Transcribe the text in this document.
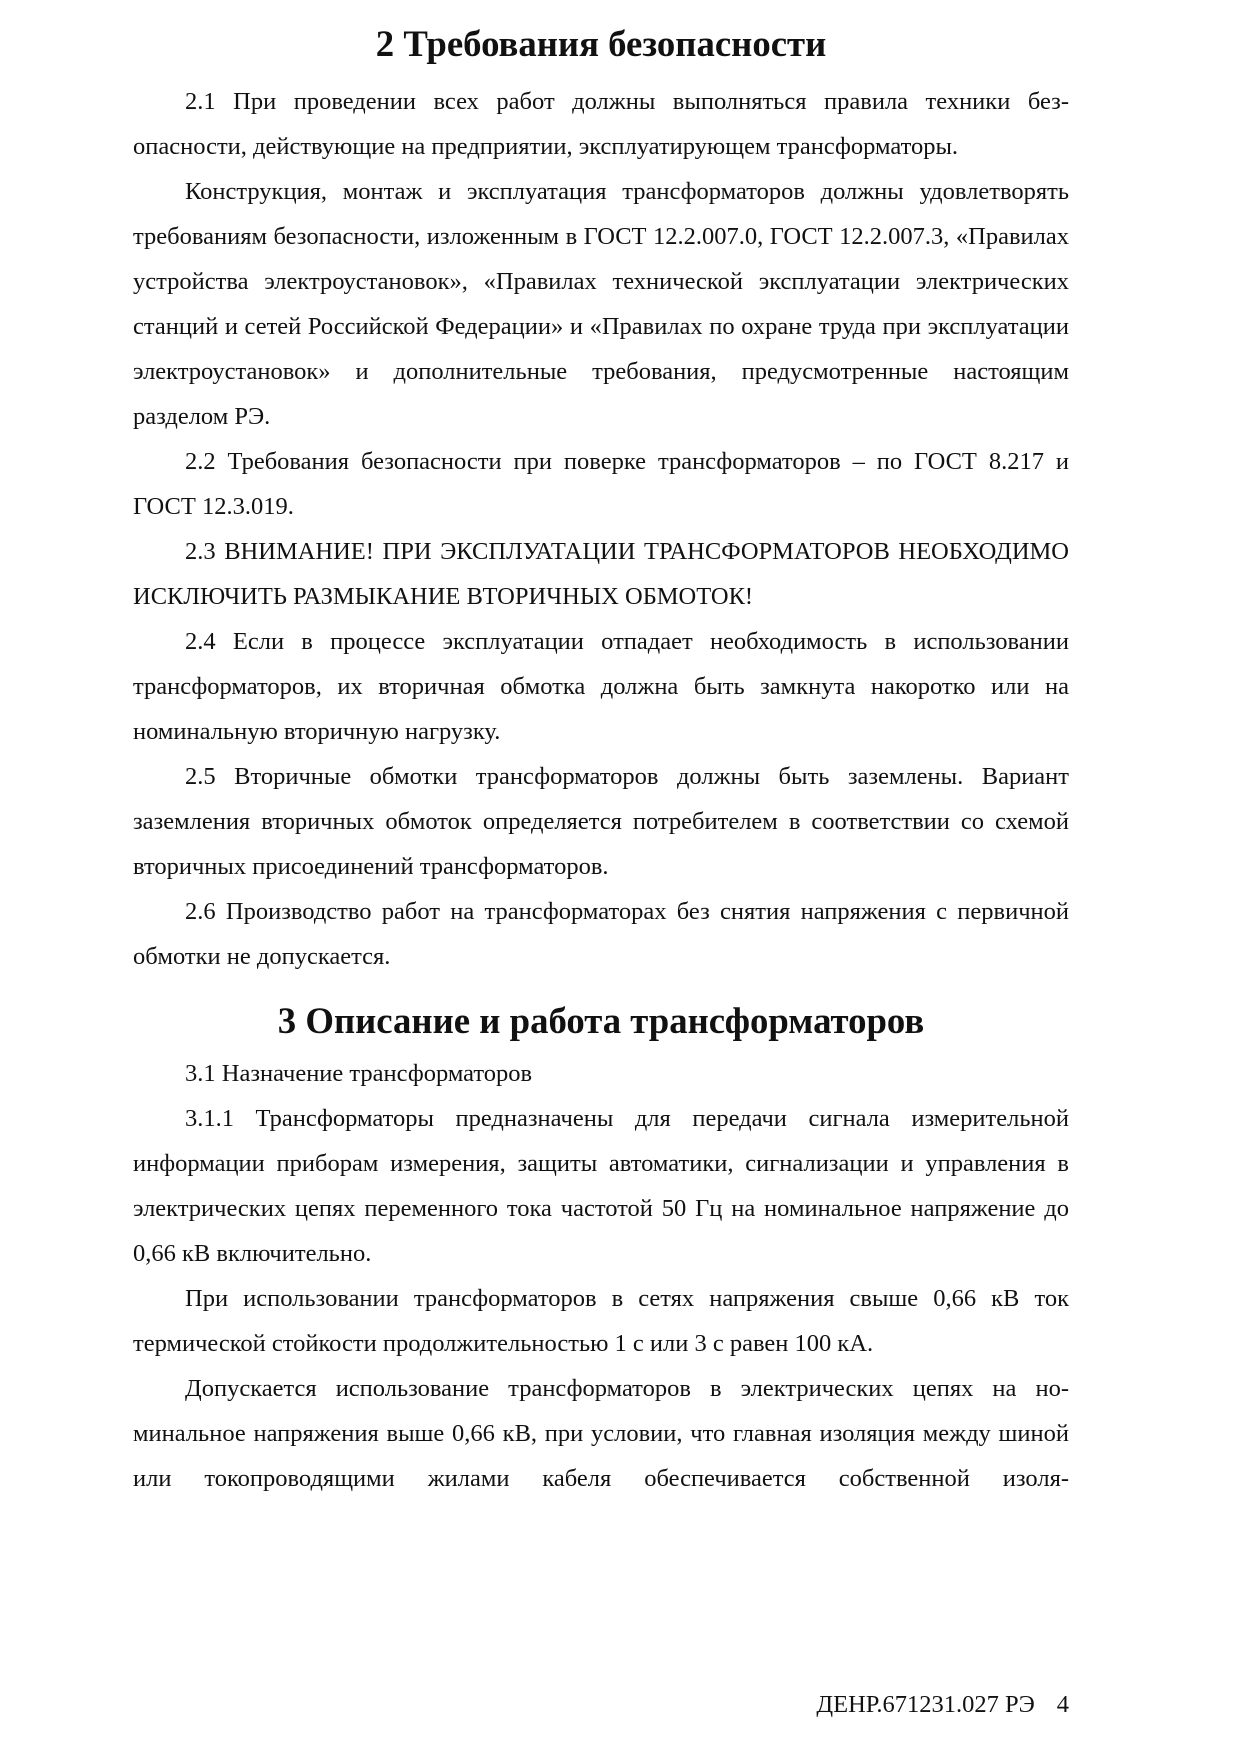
2 Требования безопасности

2.1 При проведении всех работ должны выполняться правила техники безопасности, действующие на предприятии, эксплуатирующем трансформаторы.

Конструкция, монтаж и эксплуатация трансформаторов должны удовлетворять требованиям безопасности, изложенным в ГОСТ 12.2.007.0, ГОСТ 12.2.007.3, «Правилах устройства электроустановок», «Правилах технической эксплуатации электрических станций и сетей Российской Федерации» и «Правилах по охране труда при эксплуатации электроустановок» и дополнительные требования, предусмотренные настоящим разделом РЭ.

2.2 Требования безопасности при поверке трансформаторов – по ГОСТ 8.217 и ГОСТ 12.3.019.

2.3 ВНИМАНИЕ! ПРИ ЭКСПЛУАТАЦИИ ТРАНСФОРМАТОРОВ НЕОБХОДИМО ИСКЛЮЧИТЬ РАЗМЫКАНИЕ ВТОРИЧНЫХ ОБМОТОК!

2.4 Если в процессе эксплуатации отпадает необходимость в использовании трансформаторов, их вторичная обмотка должна быть замкнута накоротко или на номинальную вторичную нагрузку.

2.5 Вторичные обмотки трансформаторов должны быть заземлены. Вариант заземления вторичных обмоток определяется потребителем в соответствии со схемой вторичных присоединений трансформаторов.

2.6 Производство работ на трансформаторах без снятия напряжения с первичной обмотки не допускается.

3 Описание и работа трансформаторов

3.1 Назначение трансформаторов

3.1.1 Трансформаторы предназначены для передачи сигнала измерительной информации приборам измерения, защиты автоматики, сигнализации и управления в электрических цепях переменного тока частотой 50 Гц на номинальное напряжение до 0,66 кВ включительно.

При использовании трансформаторов в сетях напряжения свыше 0,66 кВ ток термической стойкости продолжительностью 1 с или 3 с равен 100 кА.

Допускается использование трансформаторов в электрических цепях на номинальное напряжения выше 0,66 кВ, при условии, что главная изоляция между шиной или токопроводящими жилами кабеля обеспечивается собственной изоля-

ДЕНР.671231.027 РЭ 4
